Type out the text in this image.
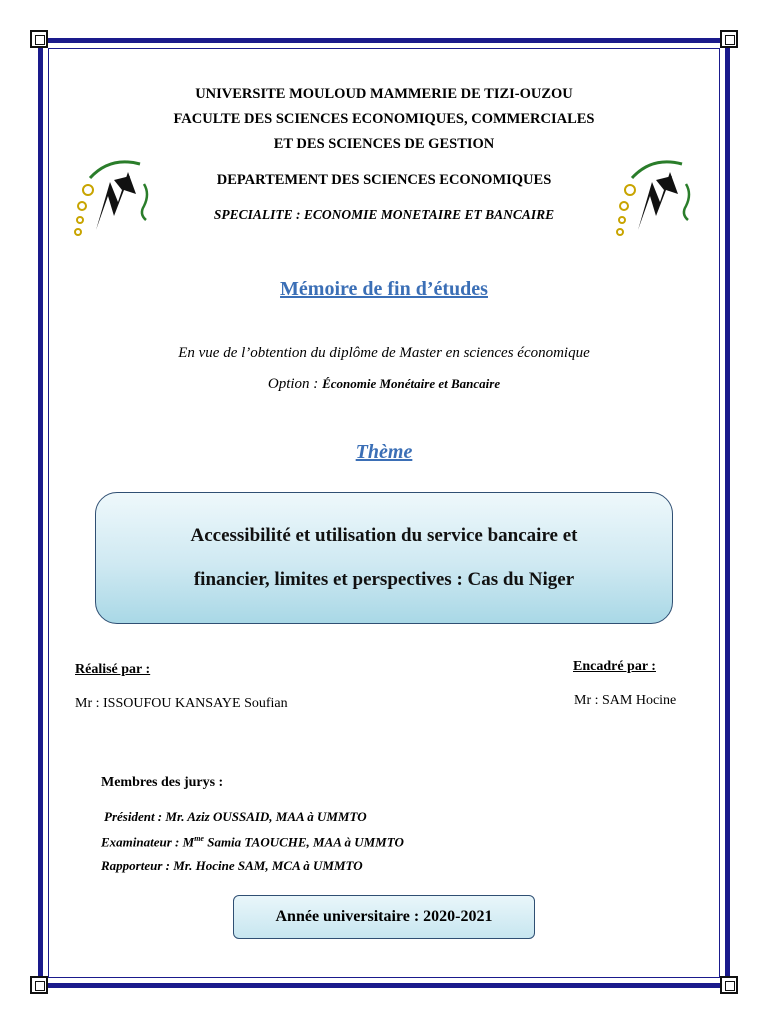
UNIVERSITE MOULOUD MAMMERIE DE TIZI-OUZOU
FACULTE DES SCIENCES ECONOMIQUES, COMMERCIALES
ET DES SCIENCES DE GESTION
DEPARTEMENT DES SCIENCES ECONOMIQUES
SPECIALITE : ECONOMIE MONETAIRE ET BANCAIRE
Mémoire de fin d’études
En vue de l’obtention du diplôme de Master en sciences économique
Option : Économie Monétaire et Bancaire
Thème
Accessibilité et utilisation du service bancaire et
financier, limites et perspectives : Cas du Niger
Réalisé par :
Mr : ISSOUFOU KANSAYE Soufian
Encadré par :
Mr : SAM Hocine
Membres des jurys :
Président : Mr. Aziz OUSSAID, MAA à UMMTO
Examinateur : $M^{me}$ Samia TAOUCHE, MAA à UMMTO
Rapporteur : Mr. Hocine SAM, MCA à UMMTO
Année universitaire : 2020-2021
